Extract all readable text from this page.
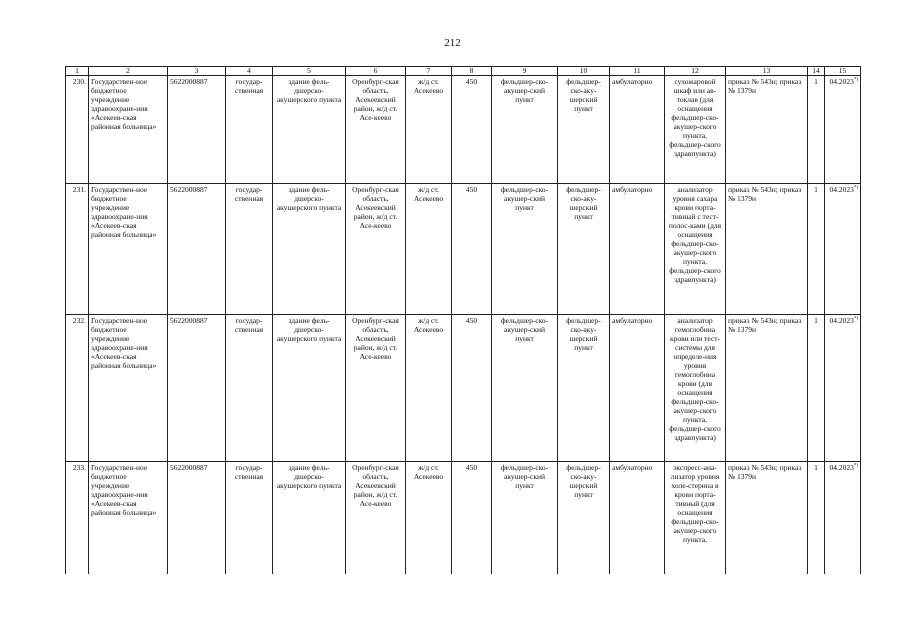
212
1	2	3	4	5	6	7	8	9	10	11	12	13	14	15
230.	Государствен-ное бюджетное учреждение здравоохране-ния «Асекеев-ская районная больница»	5622000887	государ-ственная	здание фель-дшерско-акушерского пункта	Оренбург-ская область, Асекеевский район, ж/д ст. Асе-кеево	ж/д ст. Асекеево	450	фельдшер-ско-акушер-ский пункт	фельдшер-ско-аку-шерский пункт	амбулаторно	сухожаровой шкаф или ав-токлав (для оснащения фельдшер-ско-акушер-ского пункта, фельдшер-ского здравпункта)	приказ № 543н; приказ № 1379н	1	04.2023*)
231.	Государствен-ное бюджетное учреждение здравоохране-ния «Асекеев-ская районная больница»	5622000887	государ-ственная	здание фель-дшерско-акушерского пункта	Оренбург-ская область, Асекеевский район, ж/д ст. Асе-кеево	ж/д ст. Асекеево	450	фельдшер-ско-акушер-ский пункт	фельдшер-ско-аку-шерский пункт	амбулаторно	анализатор уровня сахара крови порта-тивный с тест-полос-ками (для оснащения фельдшер-ско-акушер-ского пункта, фельдшер-ского здравпункта)	приказ № 543н; приказ № 1379н	1	04.2023*)
232.	Государствен-ное бюджетное учреждение здравоохране-ния «Асекеев-ская районная больница»	5622000887	государ-ственная	здание фель-дшерско-акушерского пункта	Оренбург-ская область, Асекеевский район, ж/д ст. Асе-кеево	ж/д ст. Асекеево	450	фельдшер-ско-акушер-ский пункт	фельдшер-ско-аку-шерский пункт	амбулаторно	анализатор гемоглобина крови или тест-системы для определе-ния уровня гемоглобина крови (для оснащения фельдшер-ско-акушер-ского пункта, фельдшер-ского здравпункта)	приказ № 543н; приказ № 1379н	1	04.2023*)
233.	Государствен-ное бюджетное учреждение здравоохране-ния «Асекеев-ская районная больница»	5622000887	государ-ственная	здание фель-дшерско-акушерского пункта	Оренбург-ская область, Асекеевский район, ж/д ст. Асе-кеево	ж/д ст. Асекеево	450	фельдшер-ско-акушер-ский пункт	фельдшер-ско-аку-шерский пункт	амбулаторно	экспресс-ана-лизатор уровня холе-стерина в крови порта-тивный (для оснащения фельдшер-ско-акушер-ского пункта,	приказ № 543н; приказ № 1379н	1	04.2023*)
